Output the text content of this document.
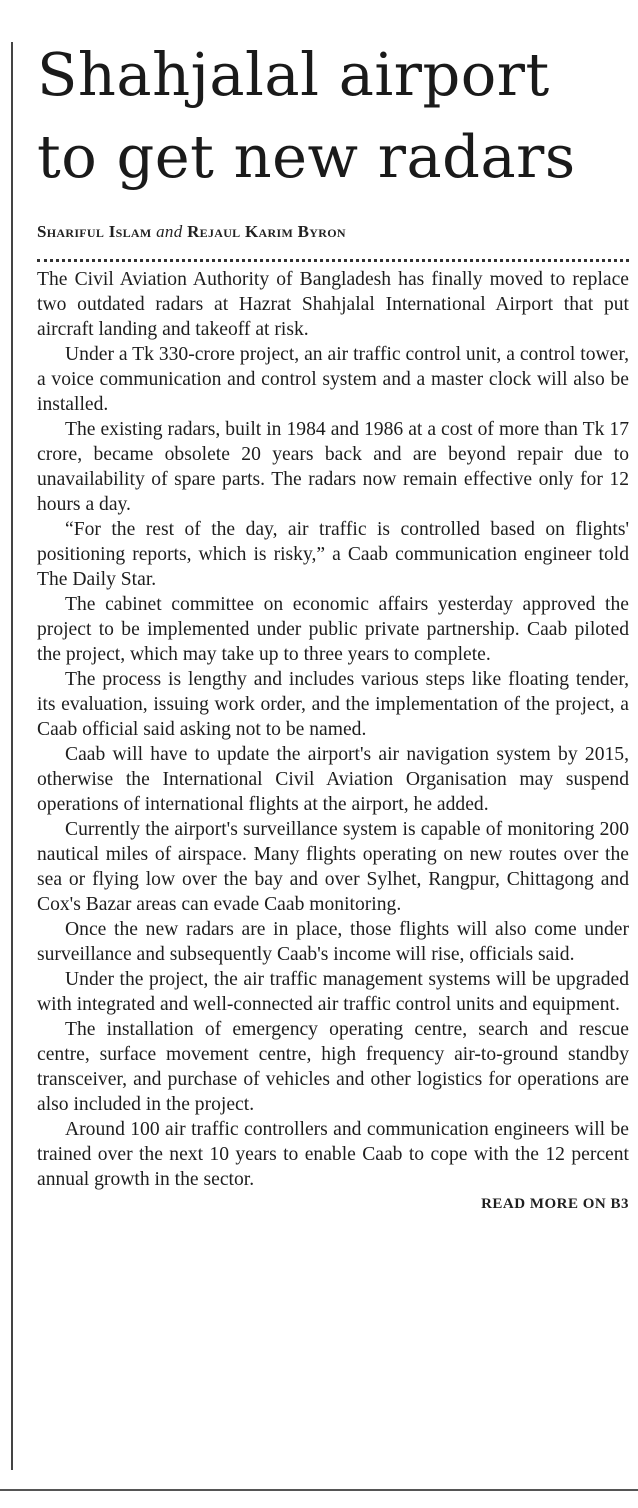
Shahjalal airport to get new radars
Shariful Islam and Rejaul Karim Byron

The Civil Aviation Authority of Bangladesh has finally moved to replace two outdated radars at Hazrat Shahjalal International Airport that put aircraft landing and takeoff at risk.

Under a Tk 330-crore project, an air traffic control unit, a control tower, a voice communication and control system and a master clock will also be installed.

The existing radars, built in 1984 and 1986 at a cost of more than Tk 17 crore, became obsolete 20 years back and are beyond repair due to unavailability of spare parts. The radars now remain effective only for 12 hours a day.

“For the rest of the day, air traffic is controlled based on flights' positioning reports, which is risky,” a Caab communication engineer told The Daily Star.

The cabinet committee on economic affairs yesterday approved the project to be implemented under public private partnership. Caab piloted the project, which may take up to three years to complete.

The process is lengthy and includes various steps like floating tender, its evaluation, issuing work order, and the implementation of the project, a Caab official said asking not to be named.

Caab will have to update the airport's air navigation system by 2015, otherwise the International Civil Aviation Organisation may suspend operations of international flights at the airport, he added.

Currently the airport's surveillance system is capable of monitoring 200 nautical miles of airspace. Many flights operating on new routes over the sea or flying low over the bay and over Sylhet, Rangpur, Chittagong and Cox's Bazar areas can evade Caab monitoring.

Once the new radars are in place, those flights will also come under surveillance and subsequently Caab's income will rise, officials said.

Under the project, the air traffic management systems will be upgraded with integrated and well-connected air traffic control units and equipment.

The installation of emergency operating centre, search and rescue centre, surface movement centre, high frequency air-to-ground standby transceiver, and purchase of vehicles and other logistics for operations are also included in the project.

Around 100 air traffic controllers and communication engineers will be trained over the next 10 years to enable Caab to cope with the 12 percent annual growth in the sector.

READ MORE ON B3
